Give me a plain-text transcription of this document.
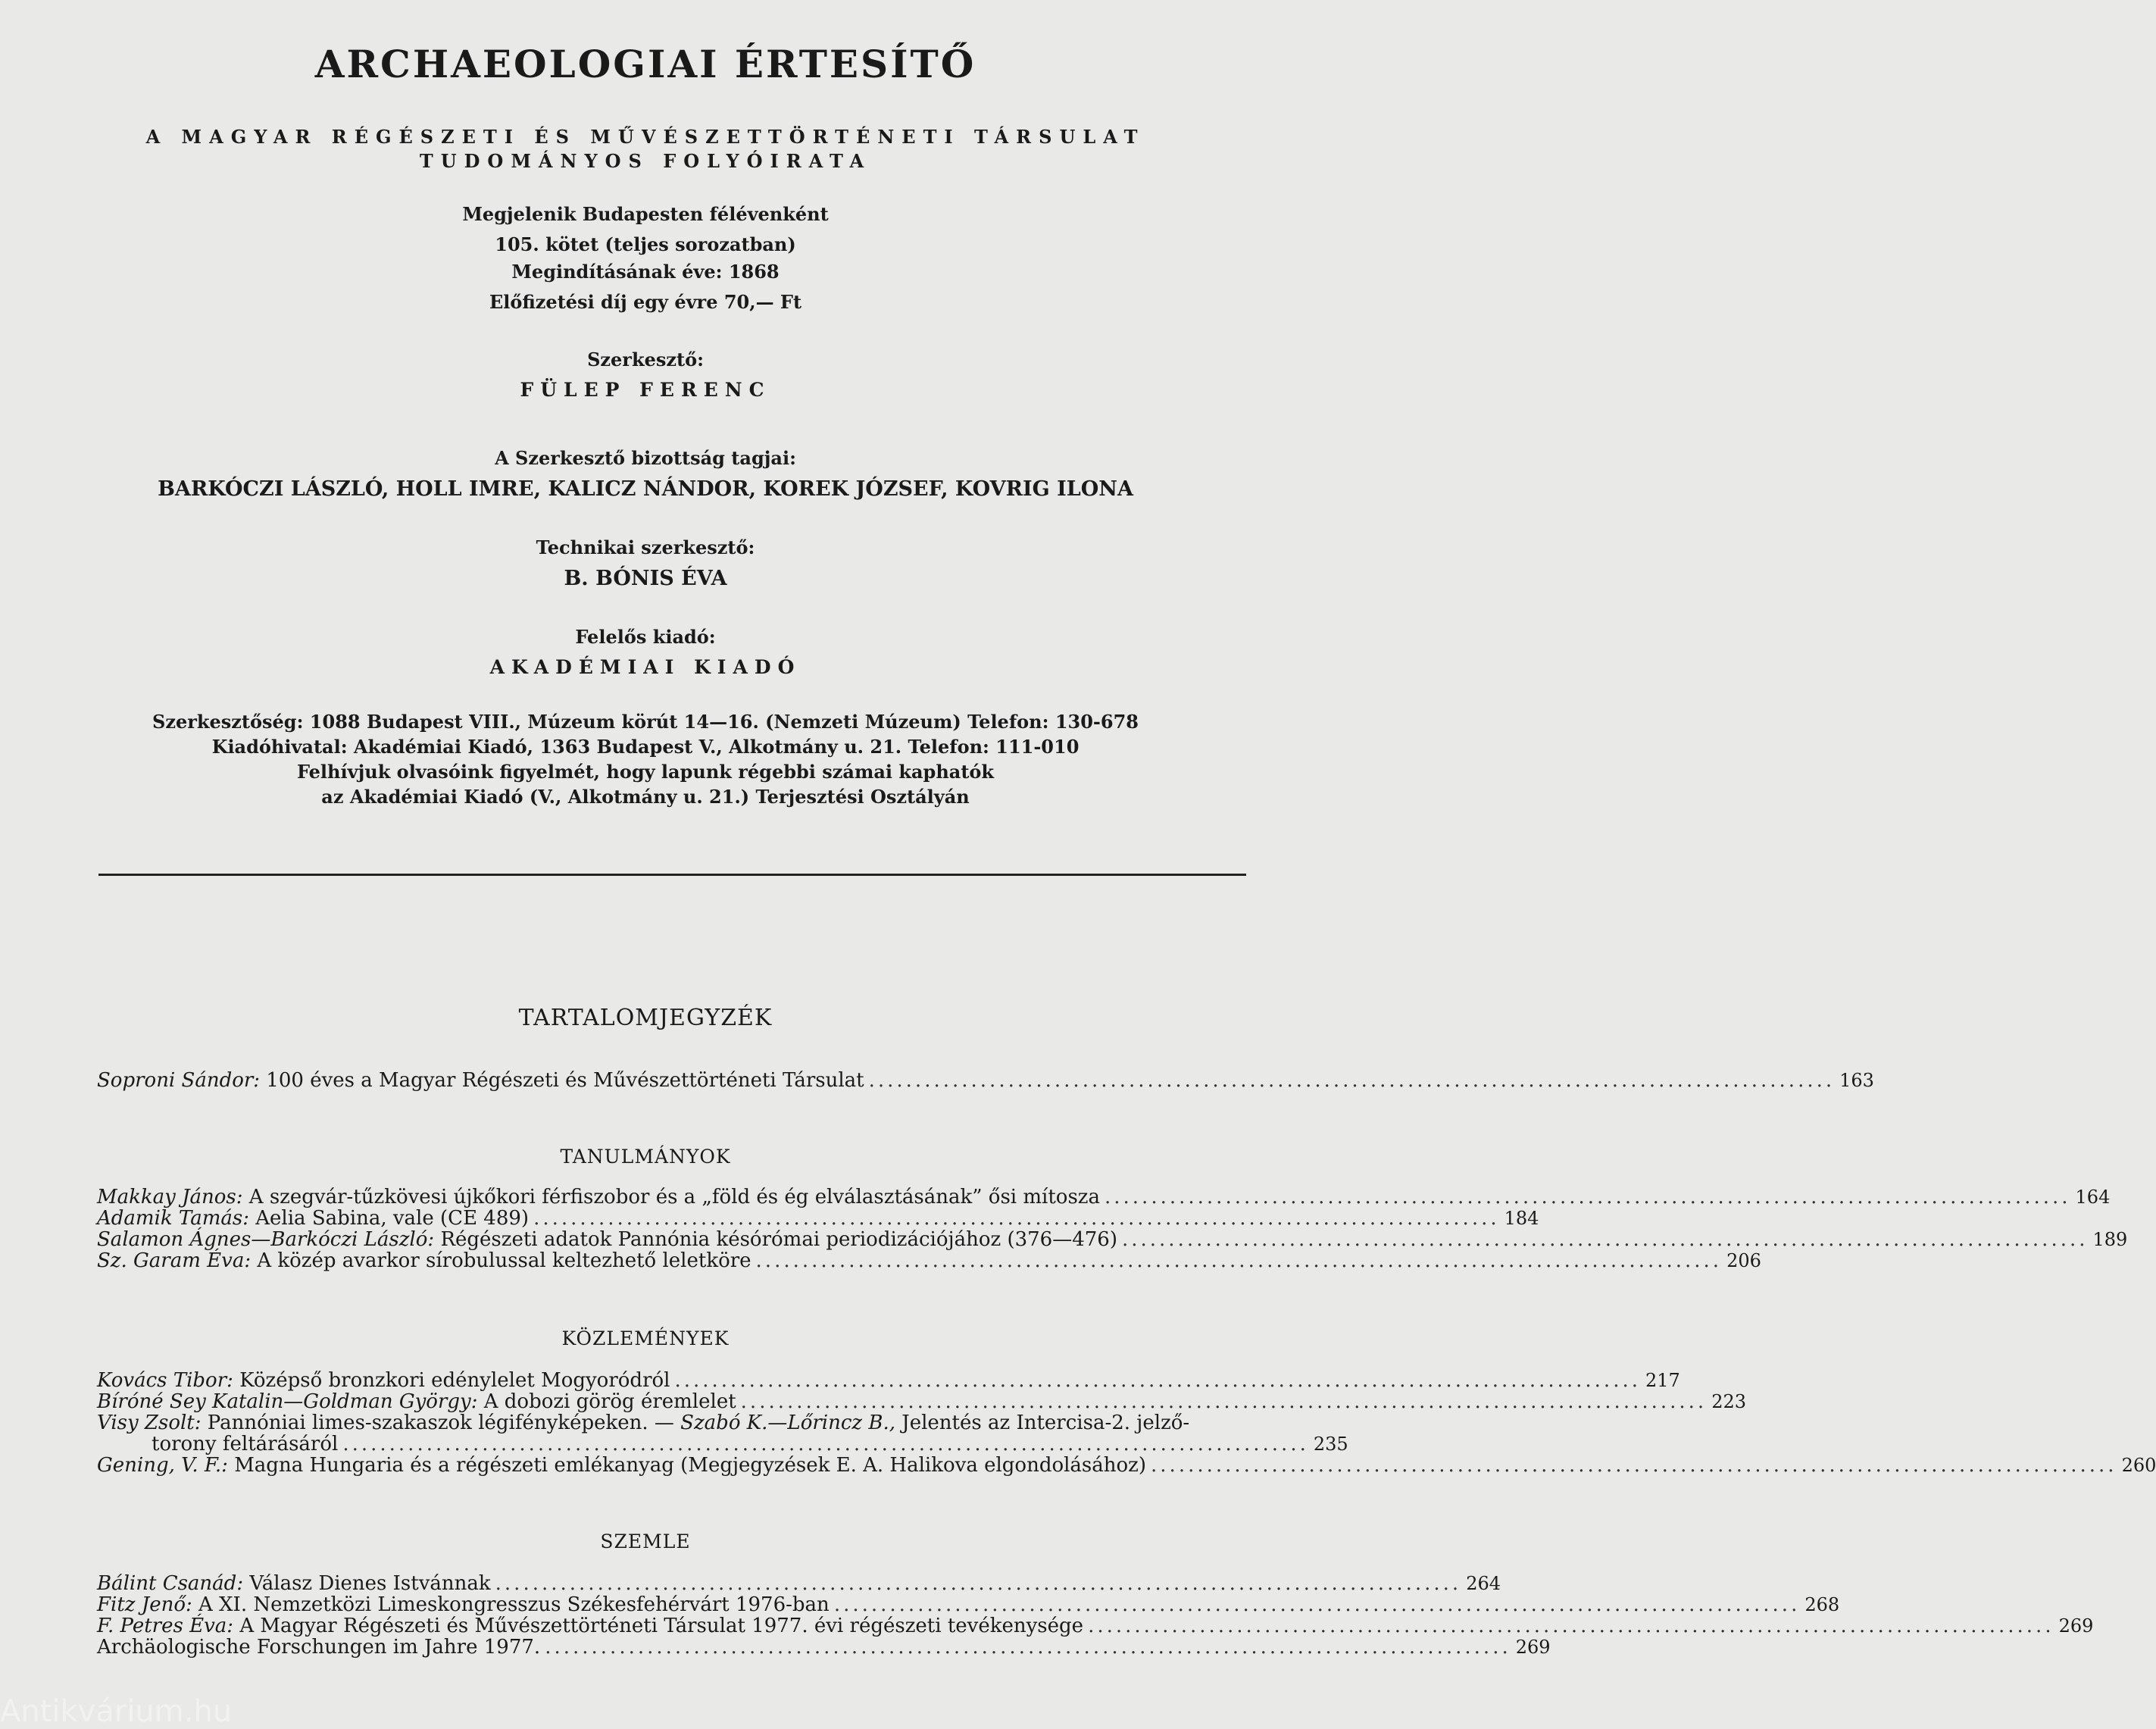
ARCHAEOLOGIAI ÉRTESÍTŐ
A MAGYAR RÉGÉSZETI ÉS MŰVÉSZETTÖRTÉNETI TÁRSULAT
TUDOMÁNYOS FOLYÓIRATA
Megjelenik Budapesten félévenként
105. kötet (teljes sorozatban)
Megindításának éve: 1868
Előfizetési díj egy évre 70,— Ft
Szerkesztő:
FÜLEP FERENC
A Szerkesztő bizottság tagjai:
BARKÓCZI LÁSZLÓ, HOLL IMRE, KALICZ NÁNDOR, KOREK JÓZSEF, KOVRIG ILONA
Technikai szerkesztő:
B. BÓNIS ÉVA
Felelős kiadó:
AKADÉMIAI KIADÓ
Szerkesztőség: 1088 Budapest VIII., Múzeum körút 14—16. (Nemzeti Múzeum) Telefon: 130-678
Kiadóhivatal: Akadémiai Kiadó, 1363 Budapest V., Alkotmány u. 21. Telefon: 111-010
Felhívjuk olvasóink figyelmét, hogy lapunk régebbi számai kaphatók
az Akadémiai Kiadó (V., Alkotmány u. 21.) Terjesztési Osztályán
TARTALOMJEGYZÉK
Soproni Sándor:
100 éves a Magyar Régészeti és Művészettörténeti Társulat ........................................................................................................ 163
TANULMÁNYOK
Makkay János:
A szegvár-tűzkövesi újkőkori férfiszobor és a „föld és ég elválasztásának” ősi mítosza ........................................................................................................ 164
Adamik Tamás:
Aelia Sabina, vale (CE 489) ........................................................................................................ 184
Salamon Ágnes—Barkóczi László:
Régészeti adatok Pannónia késórómai periodizációjához (376—476) ........................................................................................................ 189
Sz. Garam Éva:
A közép avarkor sírobulussal keltezhető leletköre ........................................................................................................ 206
KÖZLEMÉNYEK
Kovács Tibor:
Középső bronzkori edénylelet Mogyoródról ........................................................................................................ 217
Bíróné Sey Katalin—Goldman György:
A dobozi görög éremlelet ........................................................................................................ 223
Visy Zsolt: Pannóniai limes-szakaszok légifényképeken. — Szabó K.—Lőrincz B., Jelentés az Intercisa-2. jelző-
torony feltárásáról ........................................................................................................ 235
Gening, V. F.:
Magna Hungaria és a régészeti emlékanyag (Megjegyzések E. A. Halikova elgondolásához) ........................................................................................................ 260
SZEMLE
Bálint Csanád:
Válasz Dienes Istvánnak ........................................................................................................ 264
Fitz Jenő:
A XI. Nemzetközi Limeskongresszus Székesfehérvárt 1976-ban ........................................................................................................ 268
F. Petres Éva:
A Magyar Régészeti és Művészettörténeti Társulat 1977. évi régészeti tevékenysége ........................................................................................................ 269
Archäologische Forschungen im Jahre 1977. ........................................................................................................ 269
Antikvárium.hu
